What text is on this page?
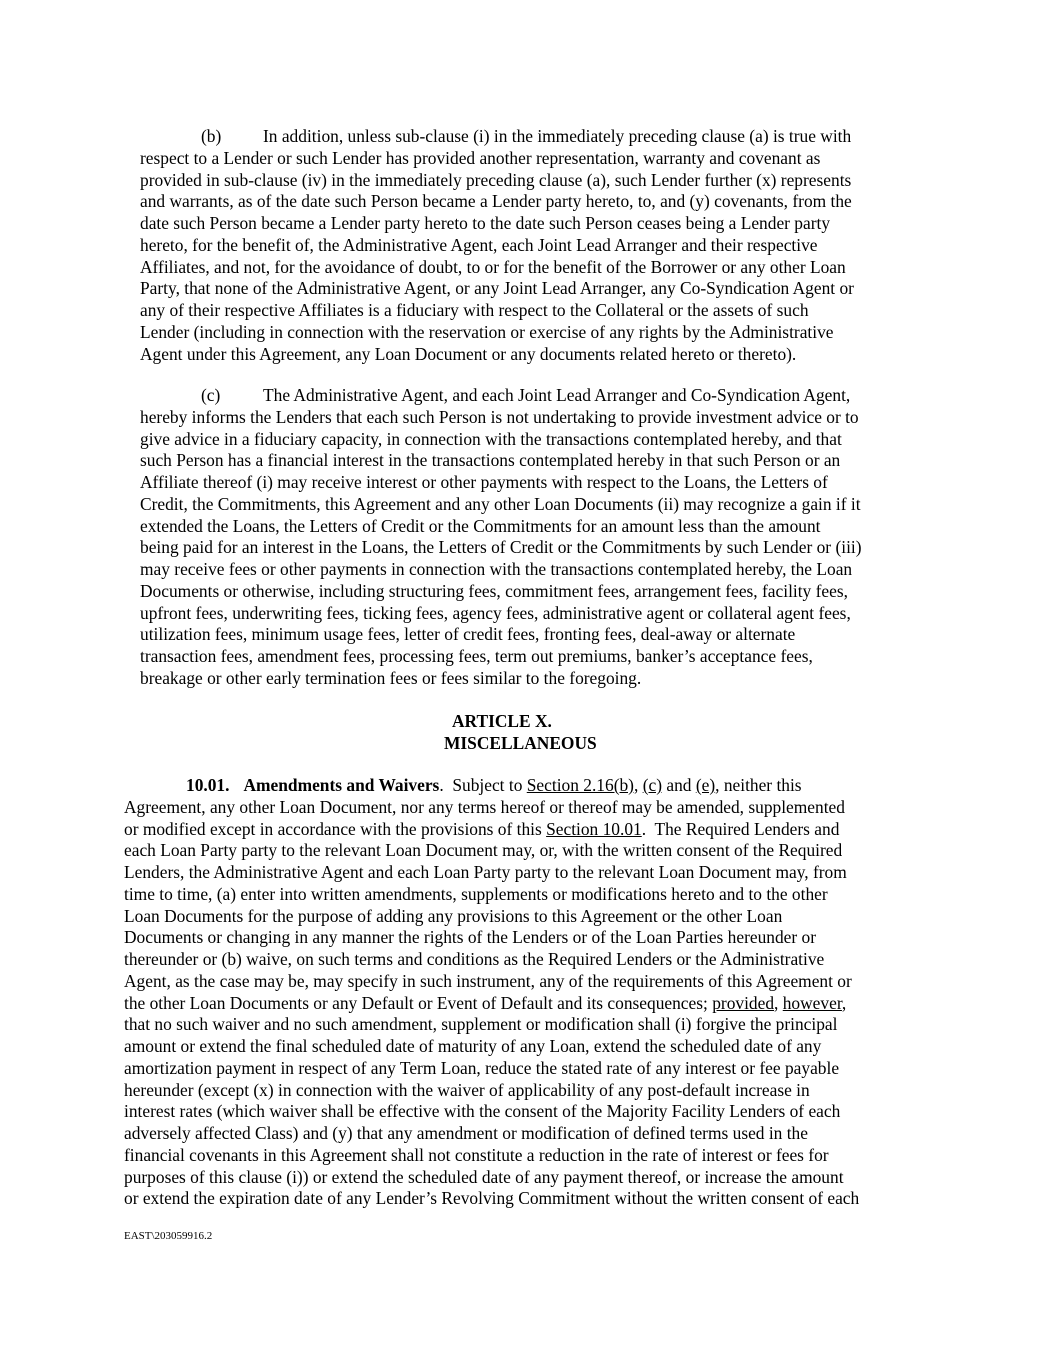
(b) In addition, unless sub-clause (i) in the immediately preceding clause (a) is true with
respect to a Lender or such Lender has provided another representation, warranty and covenant as
provided in sub-clause (iv) in the immediately preceding clause (a), such Lender further (x) represents
and warrants, as of the date such Person became a Lender party hereto, to, and (y) covenants, from the
date such Person became a Lender party hereto to the date such Person ceases being a Lender party
hereto, for the benefit of, the Administrative Agent, each Joint Lead Arranger and their respective
Affiliates, and not, for the avoidance of doubt, to or for the benefit of the Borrower or any other Loan
Party, that none of the Administrative Agent, or any Joint Lead Arranger, any Co-Syndication Agent or
any of their respective Affiliates is a fiduciary with respect to the Collateral or the assets of such
Lender (including in connection with the reservation or exercise of any rights by the Administrative
Agent under this Agreement, any Loan Document or any documents related hereto or thereto).
(c) The Administrative Agent, and each Joint Lead Arranger and Co-Syndication Agent,
hereby informs the Lenders that each such Person is not undertaking to provide investment advice or to
give advice in a fiduciary capacity, in connection with the transactions contemplated hereby, and that
such Person has a financial interest in the transactions contemplated hereby in that such Person or an
Affiliate thereof (i) may receive interest or other payments with respect to the Loans, the Letters of
Credit, the Commitments, this Agreement and any other Loan Documents (ii) may recognize a gain if it
extended the Loans, the Letters of Credit or the Commitments for an amount less than the amount
being paid for an interest in the Loans, the Letters of Credit or the Commitments by such Lender or (iii)
may receive fees or other payments in connection with the transactions contemplated hereby, the Loan
Documents or otherwise, including structuring fees, commitment fees, arrangement fees, facility fees,
upfront fees, underwriting fees, ticking fees, agency fees, administrative agent or collateral agent fees,
utilization fees, minimum usage fees, letter of credit fees, fronting fees, deal-away or alternate
transaction fees, amendment fees, processing fees, term out premiums, banker’s acceptance fees,
breakage or other early termination fees or fees similar to the foregoing.
ARTICLE X.
MISCELLANEOUS
10.01. Amendments and Waivers.  Subject to Section 2.16(b), (c) and (e), neither this
Agreement, any other Loan Document, nor any terms hereof or thereof may be amended, supplemented
or modified except in accordance with the provisions of this Section 10.01.  The Required Lenders and
each Loan Party party to the relevant Loan Document may, or, with the written consent of the Required
Lenders, the Administrative Agent and each Loan Party party to the relevant Loan Document may, from
time to time, (a) enter into written amendments, supplements or modifications hereto and to the other
Loan Documents for the purpose of adding any provisions to this Agreement or the other Loan
Documents or changing in any manner the rights of the Lenders or of the Loan Parties hereunder or
thereunder or (b) waive, on such terms and conditions as the Required Lenders or the Administrative
Agent, as the case may be, may specify in such instrument, any of the requirements of this Agreement or
the other Loan Documents or any Default or Event of Default and its consequences; provided, however,
that no such waiver and no such amendment, supplement or modification shall (i) forgive the principal
amount or extend the final scheduled date of maturity of any Loan, extend the scheduled date of any
amortization payment in respect of any Term Loan, reduce the stated rate of any interest or fee payable
hereunder (except (x) in connection with the waiver of applicability of any post-default increase in
interest rates (which waiver shall be effective with the consent of the Majority Facility Lenders of each
adversely affected Class) and (y) that any amendment or modification of defined terms used in the
financial covenants in this Agreement shall not constitute a reduction in the rate of interest or fees for
purposes of this clause (i)) or extend the scheduled date of any payment thereof, or increase the amount
or extend the expiration date of any Lender’s Revolving Commitment without the written consent of each
EAST\203059916.2
